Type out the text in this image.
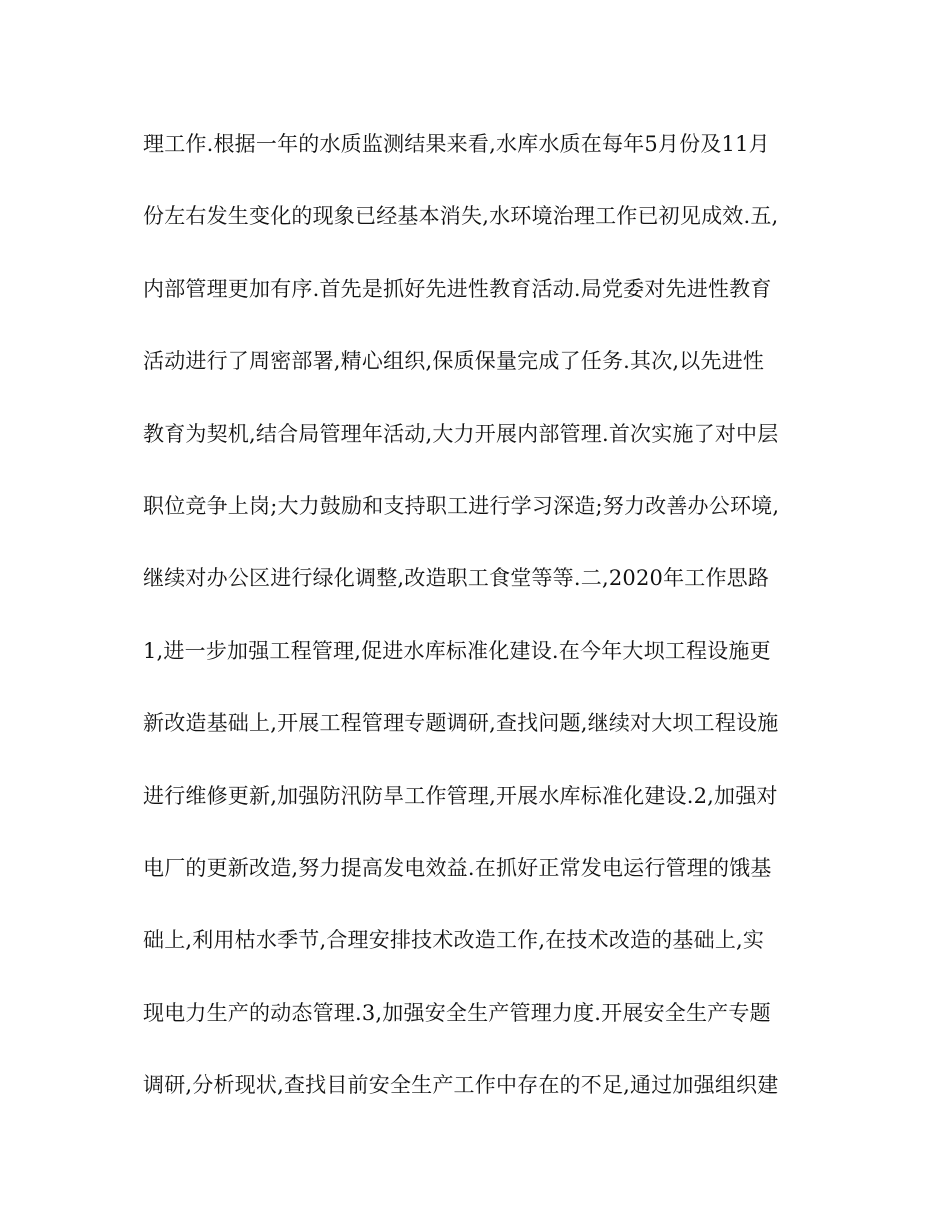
理工作.根据一年的水质监测结果来看,水库水质在每年5月份及11月
份左右发生变化的现象已经基本消失,水环境治理工作已初见成效.五,
内部管理更加有序.首先是抓好先进性教育活动.局党委对先进性教育
活动进行了周密部署,精心组织,保质保量完成了任务.其次,以先进性
教育为契机,结合局管理年活动,大力开展内部管理.首次实施了对中层
职位竞争上岗;大力鼓励和支持职工进行学习深造;努力改善办公环境,
继续对办公区进行绿化调整,改造职工食堂等等.二,2020年工作思路
1,进一步加强工程管理,促进水库标准化建设.在今年大坝工程设施更
新改造基础上,开展工程管理专题调研,查找问题,继续对大坝工程设施
进行维修更新,加强防汛防旱工作管理,开展水库标准化建设.2,加强对
电厂的更新改造,努力提高发电效益.在抓好正常发电运行管理的饿基
础上,利用枯水季节,合理安排技术改造工作,在技术改造的基础上,实
现电力生产的动态管理.3,加强安全生产管理力度.开展安全生产专题
调研,分析现状,查找目前安全生产工作中存在的不足,通过加强组织建
